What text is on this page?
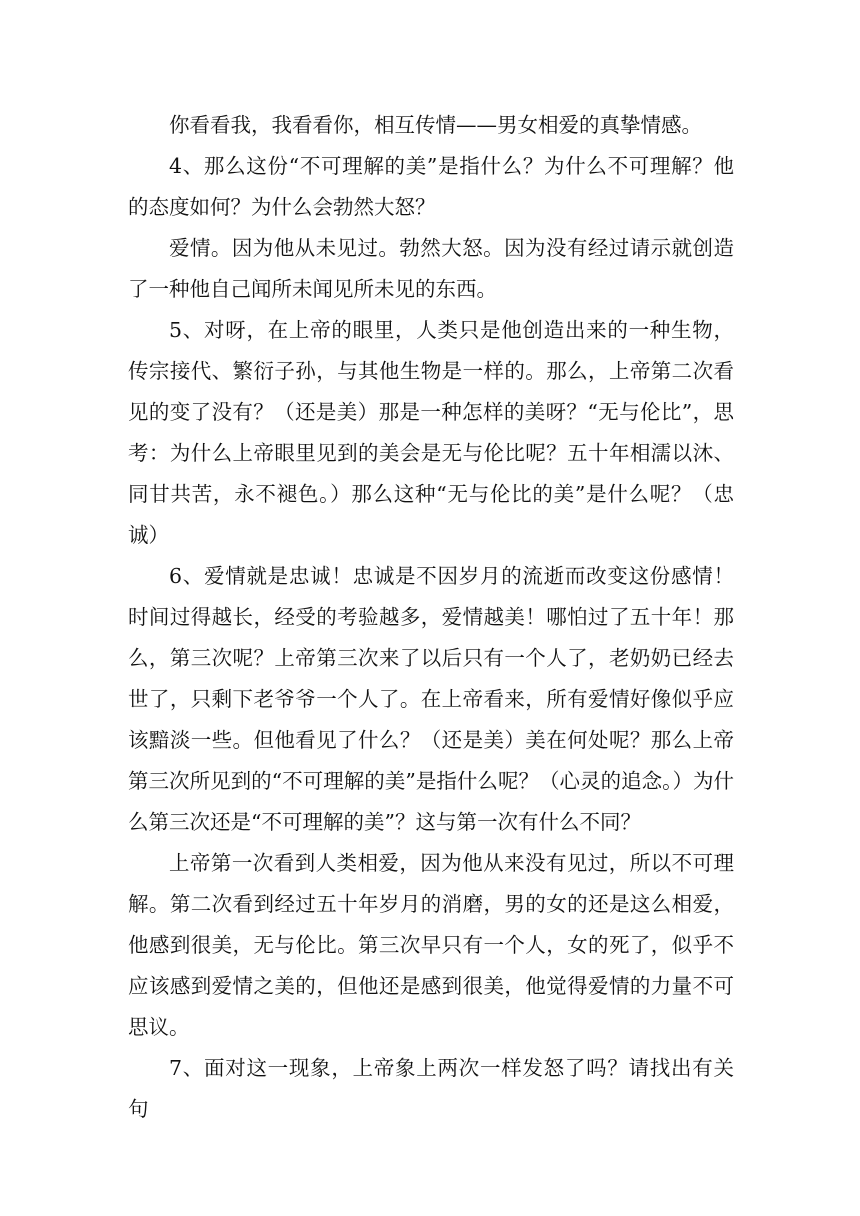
你看看我，我看看你，相互传情——男女相爱的真挚情感。

4、那么这份“不可理解的美”是指什么？为什么不可理解？他的态度如何？为什么会勃然大怒？

爱情。因为他从未见过。勃然大怒。因为没有经过请示就创造了一种他自己闻所未闻见所未见的东西。

5、对呀，在上帝的眼里，人类只是他创造出来的一种生物，传宗接代、繁衍子孙，与其他生物是一样的。那么，上帝第二次看见的变了没有？（还是美）那是一种怎样的美呀？“无与伦比”，思考：为什么上帝眼里见到的美会是无与伦比呢？五十年相濡以沐、同甘共苦，永不褪色。）那么这种“无与伦比的美”是什么呢？（忠诚）

6、爱情就是忠诚！忠诚是不因岁月的流逝而改变这份感情！时间过得越长，经受的考验越多，爱情越美！哪怕过了五十年！那么，第三次呢？上帝第三次来了以后只有一个人了，老奶奶已经去世了，只剩下老爷爷一个人了。在上帝看来，所有爱情好像似乎应该黯淡一些。但他看见了什么？（还是美）美在何处呢？那么上帝第三次所见到的“不可理解的美”是指什么呢？（心灵的追念。）为什么第三次还是“不可理解的美”？这与第一次有什么不同？

上帝第一次看到人类相爱，因为他从来没有见过，所以不可理解。第二次看到经过五十年岁月的消磨，男的女的还是这么相爱，他感到很美，无与伦比。第三次早只有一个人，女的死了，似乎不应该感到爱情之美的，但他还是感到很美，他觉得爱情的力量不可思议。

7、面对这一现象，上帝象上两次一样发怒了吗？请找出有关句
